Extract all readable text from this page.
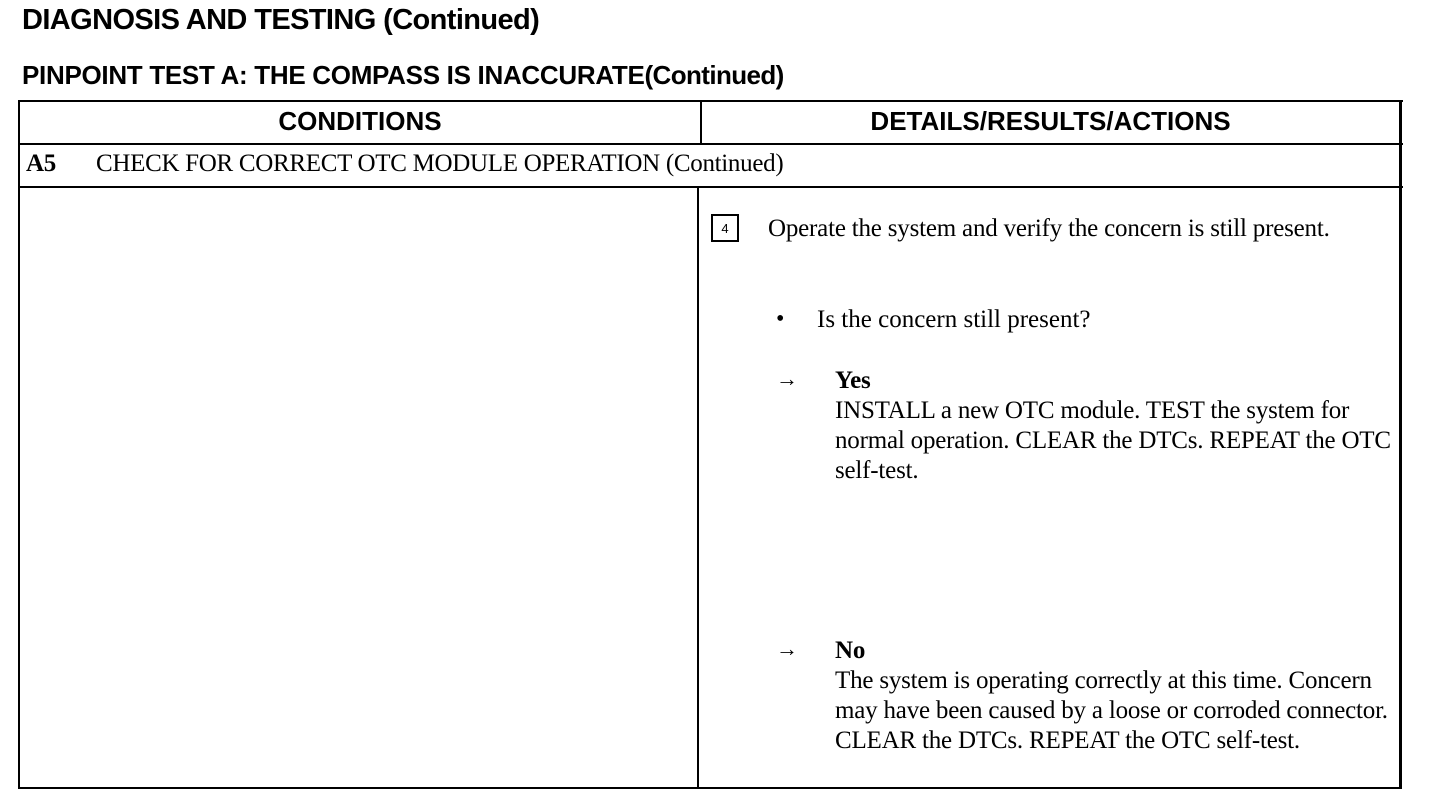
DIAGNOSIS AND TESTING (Continued)
PINPOINT TEST A: THE COMPASS IS INACCURATE(Continued)
CONDITIONS	DETAILS/RESULTS/ACTIONS
A5 CHECK FOR CORRECT OTC MODULE OPERATION (Continued)
4	Operate the system and verify the concern is still present.
• Is the concern still present?
→ Yes
INSTALL a new OTC module. TEST the system for normal operation. CLEAR the DTCs. REPEAT the OTC self-test.
→ No
The system is operating correctly at this time. Concern may have been caused by a loose or corroded connector. CLEAR the DTCs. REPEAT the OTC self-test.
